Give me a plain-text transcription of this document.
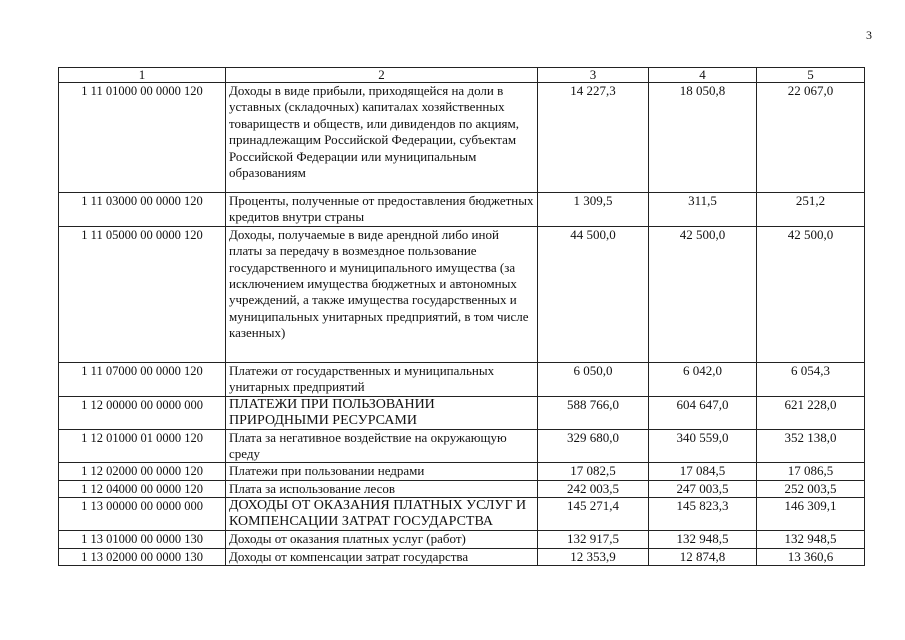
3
1	2	3	4	5
1 11 01000 00 0000 120	Доходы в виде прибыли, приходящейся на доли в уставных (складочных) капиталах хозяйственных товариществ и обществ, или дивидендов по акциям, принадлежащим Российской Федерации, субъектам Российской Федерации или муниципальным образованиям	14 227,3	18 050,8	22 067,0
1 11 03000 00 0000 120	Проценты, полученные от предоставления бюджетных кредитов внутри страны	1 309,5	311,5	251,2
1 11 05000 00 0000 120	Доходы, получаемые в виде арендной либо иной платы за передачу в возмездное пользование государственного и муниципального имущества (за исключением имущества бюджетных и автономных учреждений, а также имущества государственных и муниципальных унитарных предприятий, в том числе казенных)	44 500,0	42 500,0	42 500,0
1 11 07000 00 0000 120	Платежи от государственных и муниципальных унитарных предприятий	6 050,0	6 042,0	6 054,3
1 12 00000 00 0000 000	ПЛАТЕЖИ ПРИ ПОЛЬЗОВАНИИ ПРИРОДНЫМИ РЕСУРСАМИ	588 766,0	604 647,0	621 228,0
1 12 01000 01 0000 120	Плата за негативное воздействие на окружающую среду	329 680,0	340 559,0	352 138,0
1 12 02000 00 0000 120	Платежи при пользовании недрами	17 082,5	17 084,5	17 086,5
1 12 04000 00 0000 120	Плата за использование лесов	242 003,5	247 003,5	252 003,5
1 13 00000 00 0000 000	ДОХОДЫ ОТ ОКАЗАНИЯ ПЛАТНЫХ УСЛУГ И КОМПЕНСАЦИИ ЗАТРАТ ГОСУДАРСТВА	145 271,4	145 823,3	146 309,1
1 13 01000 00 0000 130	Доходы от оказания платных услуг (работ)	132 917,5	132 948,5	132 948,5
1 13 02000 00 0000 130	Доходы от компенсации затрат государства	12 353,9	12 874,8	13 360,6
